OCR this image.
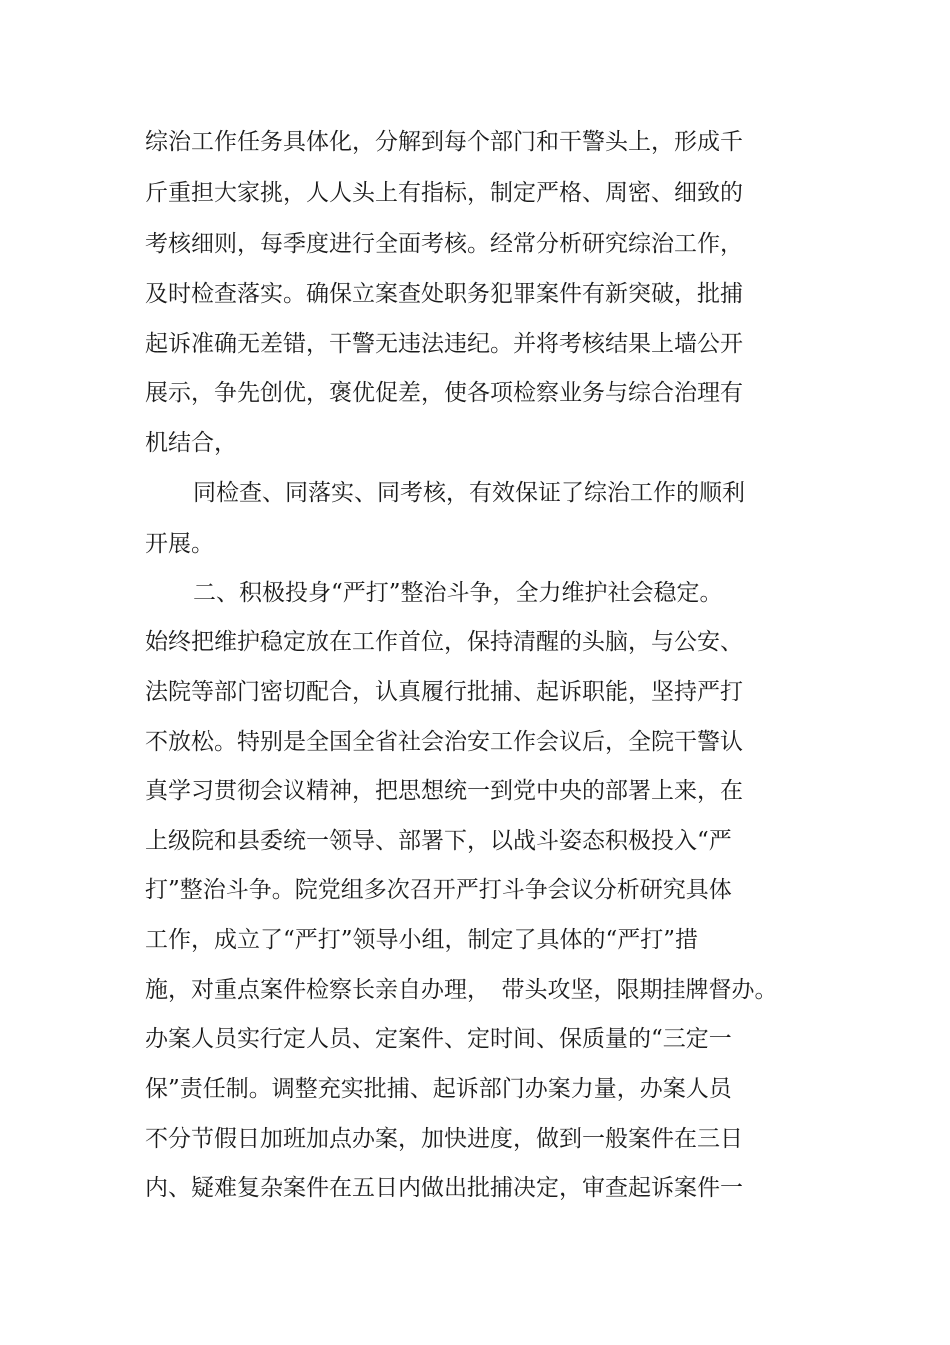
综治工作任务具体化，分解到每个部门和干警头上，形成千
斤重担大家挑，人人头上有指标，制定严格、周密、细致的
考核细则，每季度进行全面考核。经常分析研究综治工作，
及时检查落实。确保立案查处职务犯罪案件有新突破，批捕
起诉准确无差错，干警无违法违纪。并将考核结果上墙公开
展示，争先创优，褒优促差，使各项检察业务与综合治理有
机结合，
同检查、同落实、同考核，有效保证了综治工作的顺利
开展。
二、积极投身“严打”整治斗争，全力维护社会稳定。
始终把维护稳定放在工作首位，保持清醒的头脑，与公安、
法院等部门密切配合，认真履行批捕、起诉职能，坚持严打
不放松。特别是全国全省社会治安工作会议后，全院干警认
真学习贯彻会议精神，把思想统一到党中央的部署上来，在
上级院和县委统一领导、部署下，以战斗姿态积极投入“严
打”整治斗争。院党组多次召开严打斗争会议分析研究具体
工作，成立了“严打”领导小组，制定了具体的“严打”措
施，对重点案件检察长亲自办理，　带头攻坚，限期挂牌督办。
办案人员实行定人员、定案件、定时间、保质量的“三定一
保”责任制。调整充实批捕、起诉部门办案力量，办案人员
不分节假日加班加点办案，加快进度，做到一般案件在三日
内、疑难复杂案件在五日内做出批捕决定，审查起诉案件一
